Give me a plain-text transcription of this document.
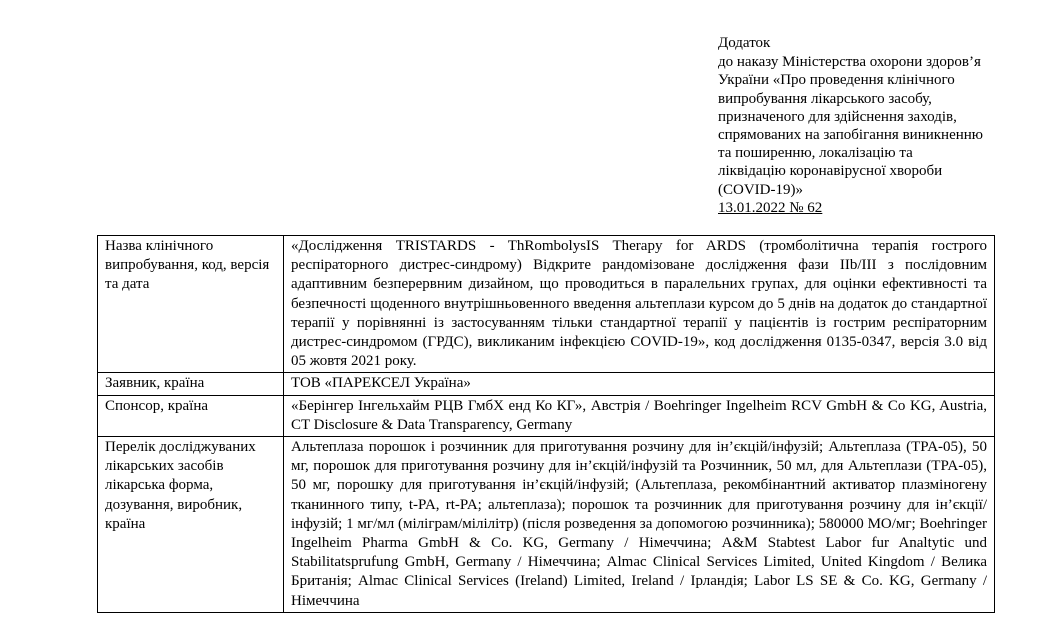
Додаток
до наказу Міністерства охорони здоров’я
України «Про проведення клінічного
випробування лікарського засобу,
призначеного для здійснення заходів,
спрямованих на запобігання виникненню
та поширенню, локалізацію та
ліквідацію коронавірусної хвороби
(COVID-19)»
13.01.2022 № 62
Назва клінічного випробування, код, версія та дата	«Дослідження TRISTARDS - ThRombolysIS Therapy for ARDS (тромболітична терапія гострого респіраторного дистрес-синдрому) Відкрите рандомізоване дослідження фази IIb/III з послідовним адаптивним безперервним дизайном, що проводиться в паралельних групах, для оцінки ефективності та безпечності щоденного внутрішньовенного введення альтеплази курсом до 5 днів на додаток до стандартної терапії у порівнянні із застосуванням тільки стандартної терапії у пацієнтів із гострим респіраторним дистрес-синдромом (ГРДС), викликаним інфекцією COVID-19», код дослідження 0135-0347, версія 3.0 від 05 жовтя 2021 року.
Заявник, країна	ТОВ «ПАРЕКСЕЛ Україна»
Спонсор, країна	«Берінгер Інгельхайм РЦВ ГмбХ енд Ко КГ», Австрія / Boehringer Ingelheim RCV GmbH & Co KG, Austria, CT Disclosure & Data Transparency, Germany
Перелік досліджуваних лікарських засобів лікарська форма, дозування, виробник, країна	Альтеплаза порошок і розчинник для приготування розчину для ін’єкцій/інфузій; Альтеплаза (TPA-05), 50 мг, порошок для приготування розчину для ін’єкцій/інфузій та Розчинник, 50 мл, для Альтеплази (TPA-05), 50 мг, порошку для приготування ін’єкцій/інфузій; (Альтеплаза, рекомбінантний активатор плазміногену тканинного типу, t-PA, rt-PA; альтеплаза); порошок та розчинник для приготування розчину для ін’єкції/інфузій; 1 мг/мл (міліграм/мілілітр) (після розведення за допомогою розчинника); 580000 МО/мг; Boehringer Ingelheim Pharma GmbH & Co. KG, Germany / Німеччина; A&M Stabtest Labor fur Analtytic und Stabilitatsprufung GmbH, Germany / Німеччина; Almac Clinical Services Limited, United Kingdom / Велика Британія; Almac Clinical Services (Ireland) Limited, Ireland / Ірландія; Labor LS SE & Co. KG, Germany / Німеччина
